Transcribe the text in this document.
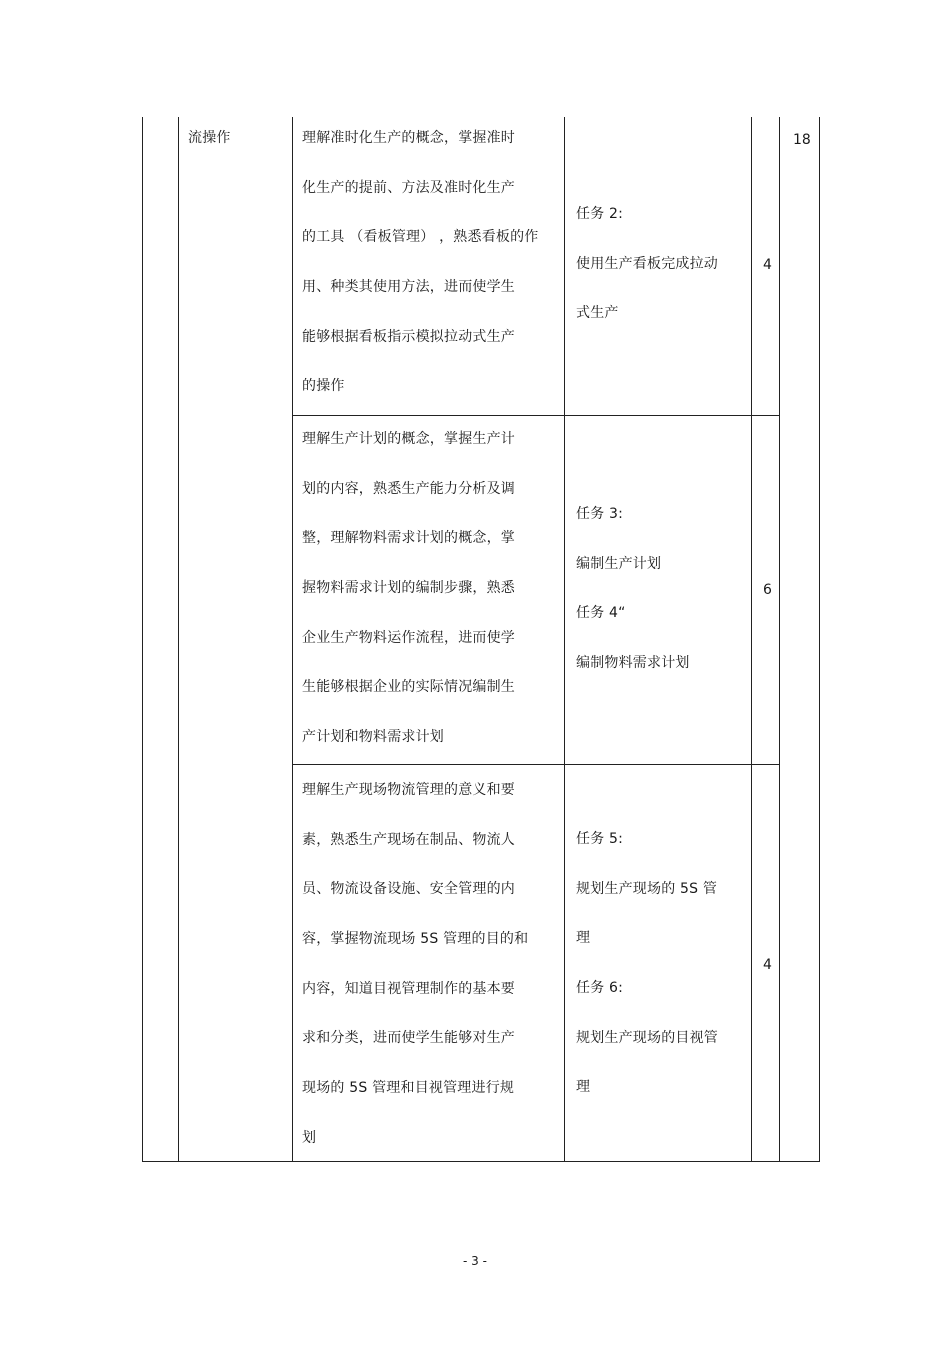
流操作	18
理解准时化生产的概念，掌握准时
化生产的提前、方法及准时化生产
的工具 （看板管理） ，熟悉看板的作
用、种类其使用方法，进而使学生
能够根据看板指示模拟拉动式生产
的操作
任务 2:
使用生产看板完成拉动
式生产
4
理解生产计划的概念，掌握生产计
划的内容，熟悉生产能力分析及调
整，理解物料需求计划的概念，掌
握物料需求计划的编制步骤，熟悉
企业生产物料运作流程，进而使学
生能够根据企业的实际情况编制生
产计划和物料需求计划
任务 3:
编制生产计划
任务 4“
编制物料需求计划
6
理解生产现场物流管理的意义和要
素，熟悉生产现场在制品、物流人
员、物流设备设施、安全管理的内
容，掌握物流现场 5S 管理的目的和
内容，知道目视管理制作的基本要
求和分类，进而使学生能够对生产
现场的 5S 管理和目视管理进行规
划
任务 5:
规划生产现场的 5S 管
理
任务 6:
规划生产现场的目视管
理
4
- 3 -
